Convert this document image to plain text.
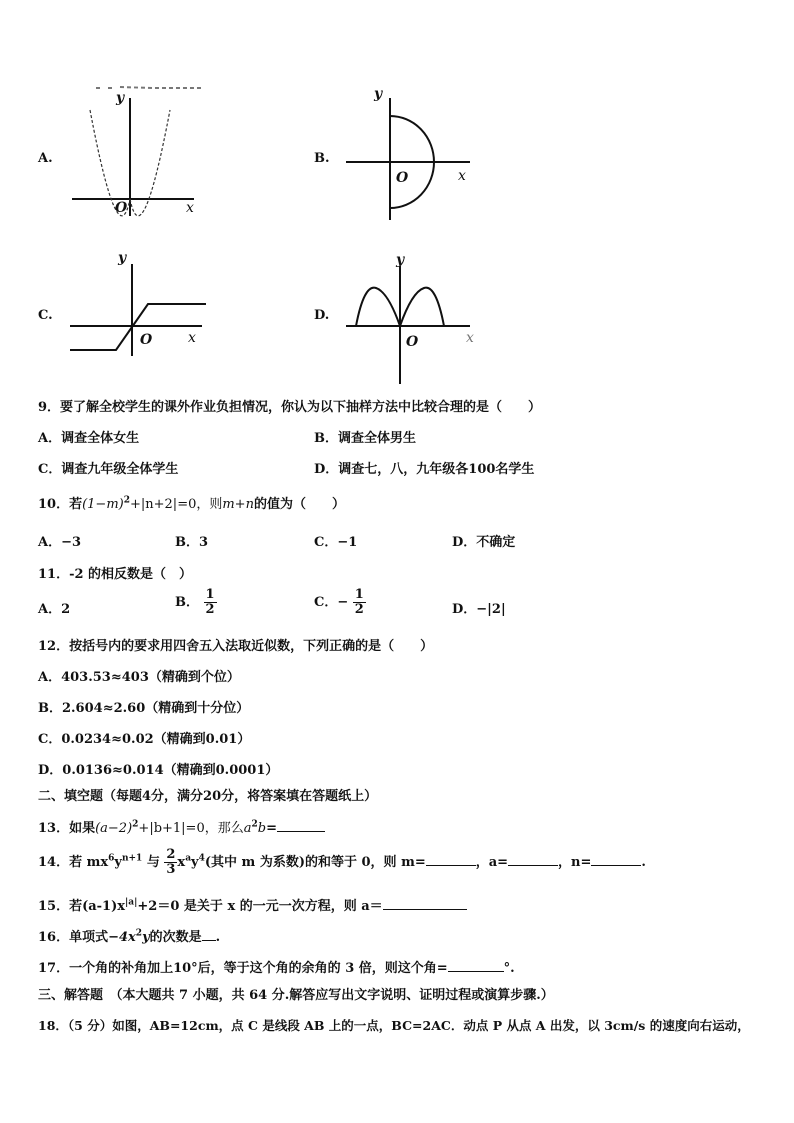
A.
y
O	x
B.
y
O	x
C.
y
O	x
D.
y
O	x
9．要了解全校学生的课外作业负担情况，你认为以下抽样方法中比较合理的是（　　）
A．调查全体女生	B．调查全体男生
C．调查九年级全体学生	D．调查七，八，九年级各100名学生
10．若$(1-m)^2+|n+2|=0$，则m+n的值为（　　）
A．−3	B．3	C．−1	D．不确定
11．-2 的相反数是（　）
A．2	B． $\frac{1}{2}$	C．− $\frac{1}{2}$	D．−|2|
12．按括号内的要求用四舍五入法取近似数，下列正确的是（　　）
A．403.53≈403（精确到个位）
B．2.604≈2.60（精确到十分位）
C．0.0234≈0.02（精确到0.01）
D．0.0136≈0.014（精确到0.0001）
二、填空题（每题4分，满分20分，将答案填在答题纸上）
13．如果$(a-2)^2+|b+1|=0$，那么$a^2b=$
14．若 $mx^6y^{n+1}$ 与 $\frac{2}{3} x^ay^4$(其中 m 为系数)的和等于 0，则 m=	，a=	，n=	.
15．若$(a-1)x^{|a|}+2=0$ 是关于 x 的一元一次方程，则 a＝
16．单项式$-4x^2y$的次数是 .
17．一个角的补角加上10°后，等于这个角的余角的 3 倍，则这个角=	°.
三、解答题　（本大题共 7 小题，共 64 分.解答应写出文字说明、证明过程或演算步骤.）
18．（5 分）如图，AB=12cm，点 C 是线段 AB 上的一点，BC=2AC．动点 P 从点 A 出发，以 3cm/s 的速度向右运动，
